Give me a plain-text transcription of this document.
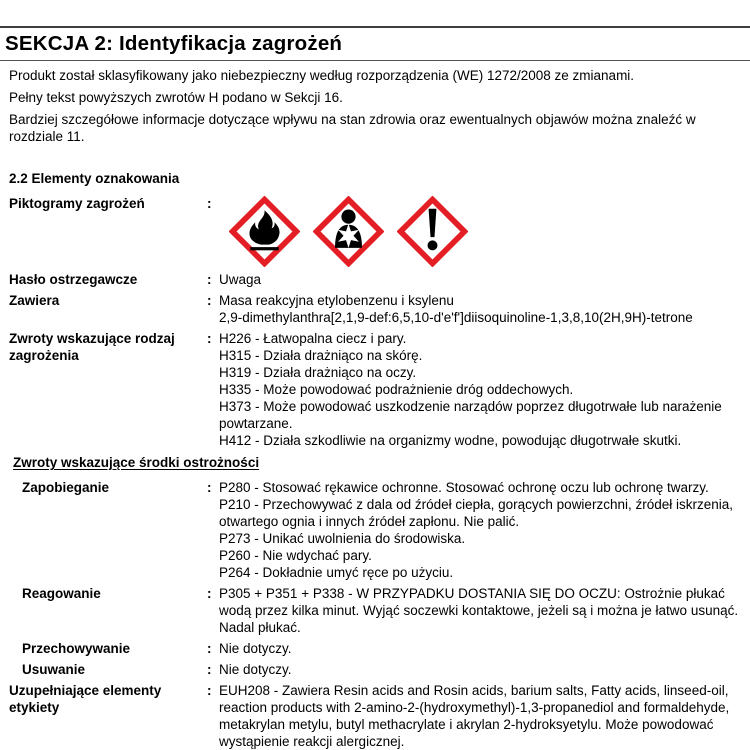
SEKCJA 2: Identyfikacja zagrożeń

Produkt został sklasyfikowany jako niebezpieczny według rozporządzenia (WE) 1272/2008 ze zmianami.

Pełny tekst powyższych zwrotów H podano w Sekcji 16.

Bardziej szczegółowe informacje dotyczące wpływu na stan zdrowia oraz ewentualnych objawów można znaleźć w rozdziale 11.

2.2 Elementy oznakowania
Piktogramy zagrożeń	:
Hasło ostrzegawcze	: Uwaga
Zawiera	: Masa reakcyjna etylobenzenu i ksylenu
2,9-dimethylanthra[2,1,9-def:6,5,10-d'e'f']diisoquinoline-1,3,8,10(2H,9H)-tetrone
Zwroty wskazujące rodzaj zagrożenia
: H226 - Łatwopalna ciecz i pary.
H315 - Działa drażniąco na skórę.
H319 - Działa drażniąco na oczy.
H335 - Może powodować podrażnienie dróg oddechowych.
H373 - Może powodować uszkodzenie narządów poprzez długotrwałe lub narażenie powtarzane.
H412 - Działa szkodliwie na organizmy wodne, powodując długotrwałe skutki.
Zwroty wskazujące środki ostrożności
Zapobieganie	: P280 - Stosować rękawice ochronne. Stosować ochronę oczu lub ochronę twarzy.
P210 - Przechowywać z dala od źródeł ciepła, gorących powierzchni, źródeł iskrzenia, otwartego ognia i innych źródeł zapłonu. Nie palić.
P273 - Unikać uwolnienia do środowiska.
P260 - Nie wdychać pary.
P264 - Dokładnie umyć ręce po użyciu.
Reagowanie	: P305 + P351 + P338 - W PRZYPADKU DOSTANIA SIĘ DO OCZU: Ostrożnie płukać wodą przez kilka minut. Wyjąć soczewki kontaktowe, jeżeli są i można je łatwo usunąć. Nadal płukać.
Przechowywanie	: Nie dotyczy.
Usuwanie	: Nie dotyczy.
Uzupełniające elementy etykiety
: EUH208 - Zawiera Resin acids and Rosin acids, barium salts, Fatty acids, linseed-oil, reaction products with 2-amino-2-(hydroxymethyl)-1,3-propanediol and formaldehyde, metakrylan metylu, butyl methacrylate i akrylan 2-hydroksyetylu. Może powodować wystąpienie reakcji alergicznej.
